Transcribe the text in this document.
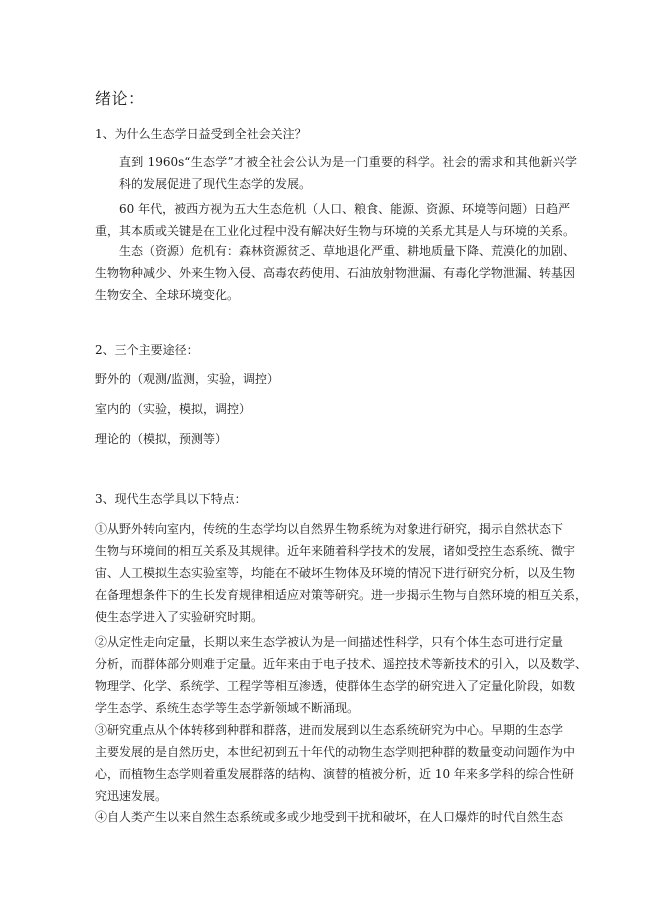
绪论：
1、为什么生态学日益受到全社会关注？
直到 1960s“生态学”才被全社会公认为是一门重要的科学。社会的需求和其他新兴学
科的发展促进了现代生态学的发展。
60 年代，被西方视为五大生态危机（人口、粮食、能源、资源、环境等问题）日趋严
重，其本质或关键是在工业化过程中没有解决好生物与环境的关系尤其是人与环境的关系。
生态（资源）危机有：森林资源贫乏、草地退化严重、耕地质量下降、荒漠化的加剧、
生物物种减少、外来生物入侵、高毒农药使用、石油放射物泄漏、有毒化学物泄漏、转基因
生物安全、全球环境变化。
2、三个主要途径：
野外的（观测/监测，实验，调控）
室内的（实验，模拟，调控）
理论的（模拟，预测等）
3、现代生态学具以下特点：
①从野外转向室内，传统的生态学均以自然界生物系统为对象进行研究，揭示自然状态下
生物与环境间的相互关系及其规律。近年来随着科学技术的发展，诸如受控生态系统、微宇
宙、人工模拟生态实验室等，均能在不破坏生物体及环境的情况下进行研究分析，以及生物
在备理想条件下的生长发育规律相适应对策等研究。进一步揭示生物与自然环境的相互关系，
使生态学进入了实验研究时期。
②从定性走向定量，长期以来生态学被认为是一间描述性科学，只有个体生态可进行定量
分析，而群体部分则难于定量。近年来由于电子技术、遥控技术等新技术的引入，以及数学、
物理学、化学、系统学、工程学等相互渗透，使群体生态学的研究进入了定量化阶段，如数
学生态学、系统生态学等生态学新领域不断涌现。
③研究重点从个体转移到种群和群落，进而发展到以生态系统研究为中心。早期的生态学
主要发展的是自然历史，本世纪初到五十年代的动物生态学则把种群的数量变动问题作为中
心，而植物生态学则着重发展群落的结构、演替的植被分析，近 10 年来多学科的综合性研
究迅速发展。
④自人类产生以来自然生态系统或多或少地受到干扰和破坏，在人口爆炸的时代自然生态
